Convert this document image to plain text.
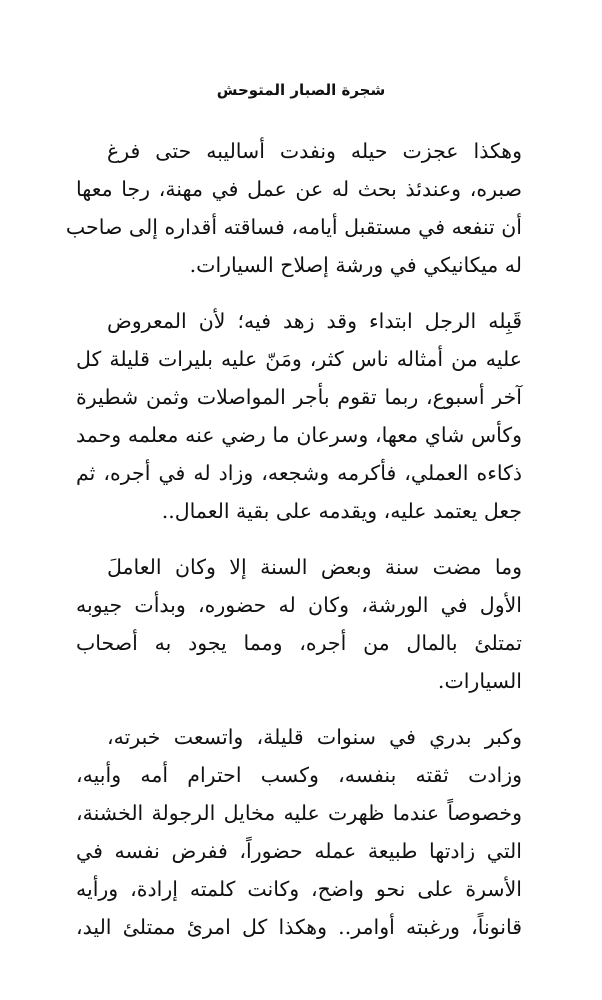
شجرة الصبار المتوحش
وهكذا عجزت حيله ونفدت أساليبه حتى فرغ
صبره، وعندئذ بحث له عن عمل في مهنة، رجا معها
أن تنفعه في مستقبل أيامه، فساقته أقداره إلى صاحب
له ميكانيكي في ورشة إصلاح السيارات.
قَبِله الرجل ابتداء وقد زهد فيه؛ لأن المعروض
عليه من أمثاله ناس كثر، ومَنّ عليه بليرات قليلة كل
آخر أسبوع، ربما تقوم بأجر المواصلات وثمن شطيرة
وكأس شاي معها، وسرعان ما رضي عنه معلمه وحمد
ذكاءه العملي، فأكرمه وشجعه، وزاد له في أجره، ثم
جعل يعتمد عليه، ويقدمه على بقية العمال..
وما مضت سنة وبعض السنة إلا وكان العاملَ
الأول في الورشة، وكان له حضوره، وبدأت جيوبه
تمتلئ بالمال من أجره، ومما يجود به أصحاب
السيارات.
وكبر بدري في سنوات قليلة، واتسعت خبرته،
وزادت ثقته بنفسه، وكسب احترام أمه وأبيه،
وخصوصاً عندما ظهرت عليه مخايل الرجولة الخشنة،
التي زادتها طبيعة عمله حضوراً، ففرض نفسه في
الأسرة على نحو واضح، وكانت كلمته إرادة، ورأيه
قانوناً، ورغبته أوامر.. وهكذا كل امرئ ممتلئ اليد،
